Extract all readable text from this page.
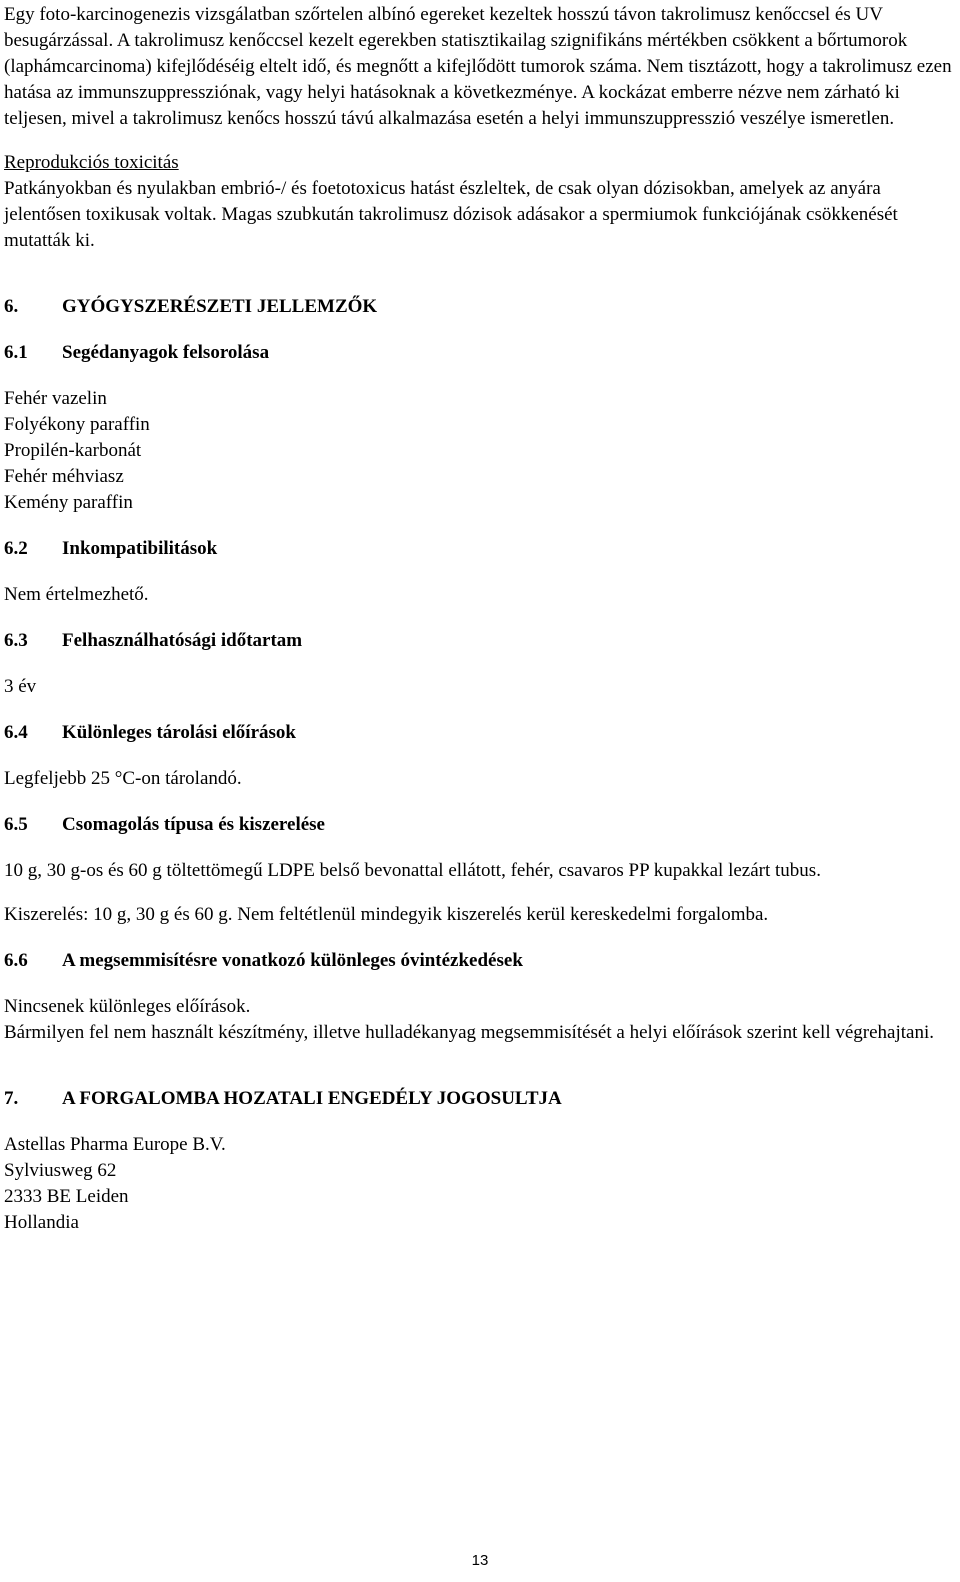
Egy foto-karcinogenezis vizsgálatban szőrtelen albínó egereket kezeltek hosszú távon takrolimusz kenőccsel és UV besugárzással. A takrolimusz kenőccsel kezelt egerekben statisztikailag szignifikáns mértékben csökkent a bőrtumorok (laphámcarcinoma) kifejlődéséig eltelt idő, és megnőtt a kifejlődött tumorok száma. Nem tisztázott, hogy a takrolimusz ezen hatása az immunszuppressziónak, vagy helyi hatásoknak a következménye. A kockázat emberre nézve nem zárható ki teljesen, mivel a takrolimusz kenőcs hosszú távú alkalmazása esetén a helyi immunszuppresszió veszélye ismeretlen.

Reprodukciós toxicitás

Patkányokban és nyulakban embrió-/ és foetotoxicus hatást észleltek, de csak olyan dózisokban, amelyek az anyára jelentősen toxikusak voltak. Magas szubkután takrolimusz dózisok adásakor a spermiumok funkciójának csökkenését mutatták ki.

6.	GYÓGYSZERÉSZETI JELLEMZŐK
6.1	Segédanyagok felsorolása

Fehér vazelin

Folyékony paraffin

Propilén-karbonát

Fehér méhviasz

Kemény paraffin

6.2	Inkompatibilitások

Nem értelmezhető.

6.3	Felhasználhatósági időtartam

3 év

6.4	Különleges tárolási előírások

Legfeljebb 25 °C-on tárolandó.

6.5	Csomagolás típusa és kiszerelése

10 g, 30 g-os és 60 g töltettömegű LDPE belső bevonattal ellátott, fehér, csavaros PP kupakkal lezárt tubus.

Kiszerelés: 10 g, 30 g és 60 g. Nem feltétlenül mindegyik kiszerelés kerül kereskedelmi forgalomba.

6.6	A megsemmisítésre vonatkozó különleges óvintézkedések

Nincsenek különleges előírások.

Bármilyen fel nem használt készítmény, illetve hulladékanyag megsemmisítését a helyi előírások szerint kell végrehajtani.

7.	A FORGALOMBA HOZATALI ENGEDÉLY JOGOSULTJA

Astellas Pharma Europe B.V.

Sylviusweg 62

2333 BE Leiden

Hollandia

13
